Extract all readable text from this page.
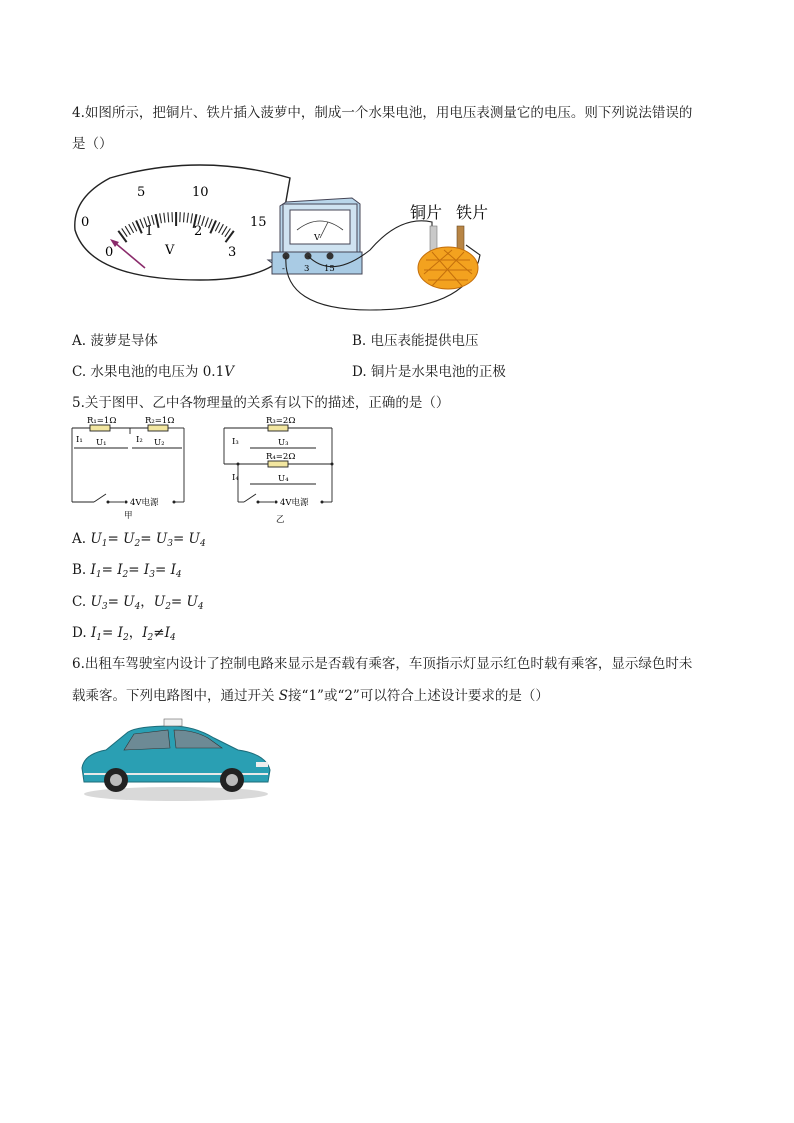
4.如图所示，把铜片、铁片插入菠萝中，制成一个水果电池，用电压表测量它的电压。则下列说法错误的
是（）
0
5	10
15
0
1	2
3
V
V
- 3 15
铜片 铁片
A. 菠萝是导体	B. 电压表能提供电压
C. 水果电池的电压为 0.1V	D. 铜片是水果电池的正极
5.关于图甲、乙中各物理量的关系有以下的描述，正确的是（）
R₁=1Ω	R₂=1Ω
I₁	I₂
U₁	U₂
4V电源
甲
R₃=2Ω
R₄=2Ω
I₃
I₄
U₃
U₄
4V电源
乙
A. $U_1= U_2= U_3= U_4$
B. $I_1= I_2= I_3= I_4$
C. $U_3= U_4$，$U_2= U_4$
D. $I_1= I_2$，$I_2\ne I_4$
6.出租车驾驶室内设计了控制电路来显示是否载有乘客，车顶指示灯显示红色时载有乘客，显示绿色时未
载乘客。下列电路图中，通过开关 S接“1”或“2”可以符合上述设计要求的是（）
